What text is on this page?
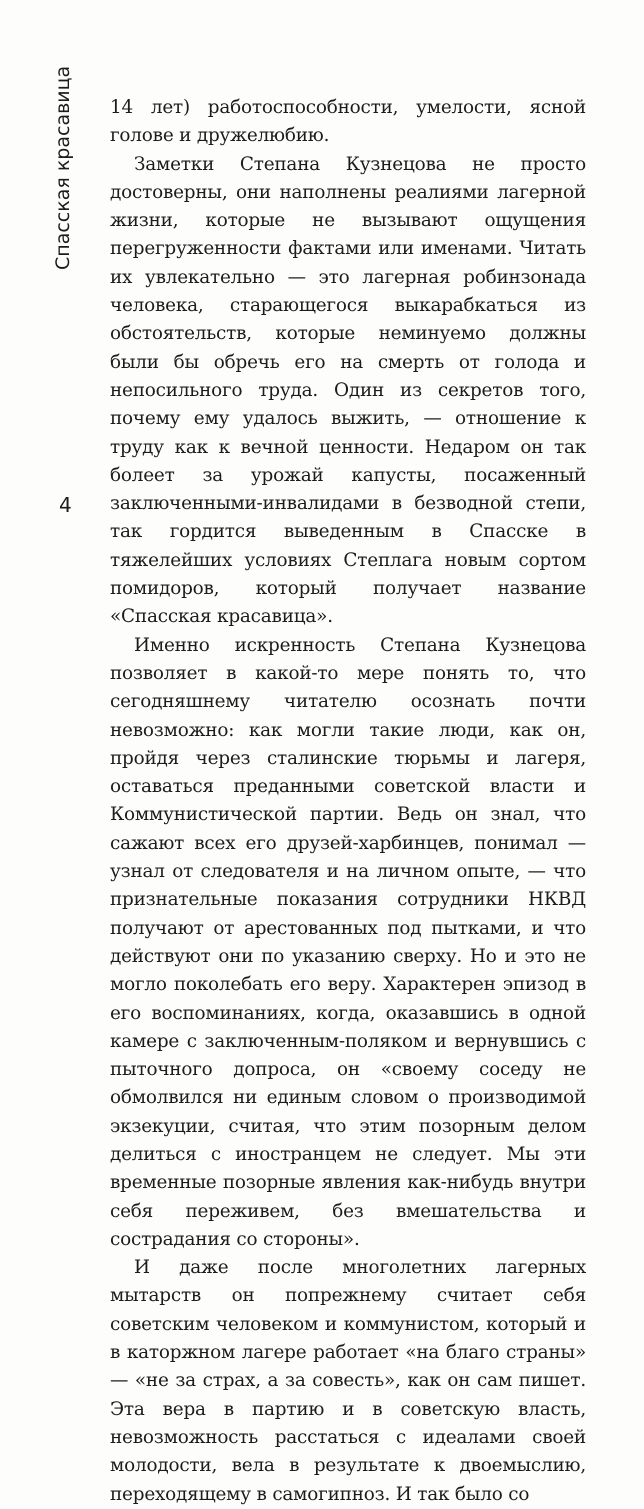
Спасская красавица
4

14 лет) работоспособности, умелости, ясной голове и дружелюбию.

Заметки Степана Кузнецова не просто достоверны, они наполнены реалиями лагерной жизни, которые не вызывают ощущения перегруженности фактами или именами. Читать их увлекательно — это лагерная робинзонада человека, старающегося выкарабкаться из обстоятельств, которые неминуемо должны были бы обречь его на смерть от голода и непосильного труда. Один из секретов того, почему ему удалось выжить, — отношение к труду как к вечной ценности. Недаром он так болеет за урожай капусты, посаженный заключенными-инвалидами в безводной степи, так гордится выведенным в Спасске в тяжелейших условиях Степлага новым сортом помидоров, который получает название «Спасская красавица».

Именно искренность Степана Кузнецова позволяет в какой-то мере понять то, что сегодняшнему читателю осознать почти невозможно: как могли такие люди, как он, пройдя через сталинские тюрьмы и лагеря, оставаться преданными советской власти и Коммунистической партии. Ведь он знал, что сажают всех его друзей-харбинцев, понимал — узнал от следователя и на личном опыте, — что признательные показания сотрудники НКВД получают от арестованных под пытками, и что действуют они по указанию сверху. Но и это не могло поколебать его веру. Характерен эпизод в его воспоминаниях, когда, оказавшись в одной камере с заключенным-поляком и вернувшись с пыточного допроса, он «своему соседу не обмолвился ни единым словом о производимой экзекуции, считая, что этим позорным делом делиться с иностранцем не следует. Мы эти временные позорные явления как-нибудь внутри себя переживем, без вмешательства и сострадания со стороны».

И даже после многолетних лагерных мытарств он попрежнему считает себя советским человеком и коммунистом, который и в каторжном лагере работает «на благо страны» — «не за страх, а за совесть», как он сам пишет. Эта вера в партию и в советскую власть, невозможность расстаться с идеалами своей молодости, вела в результате к двоемыслию, переходящему в самогипноз. И так было со
